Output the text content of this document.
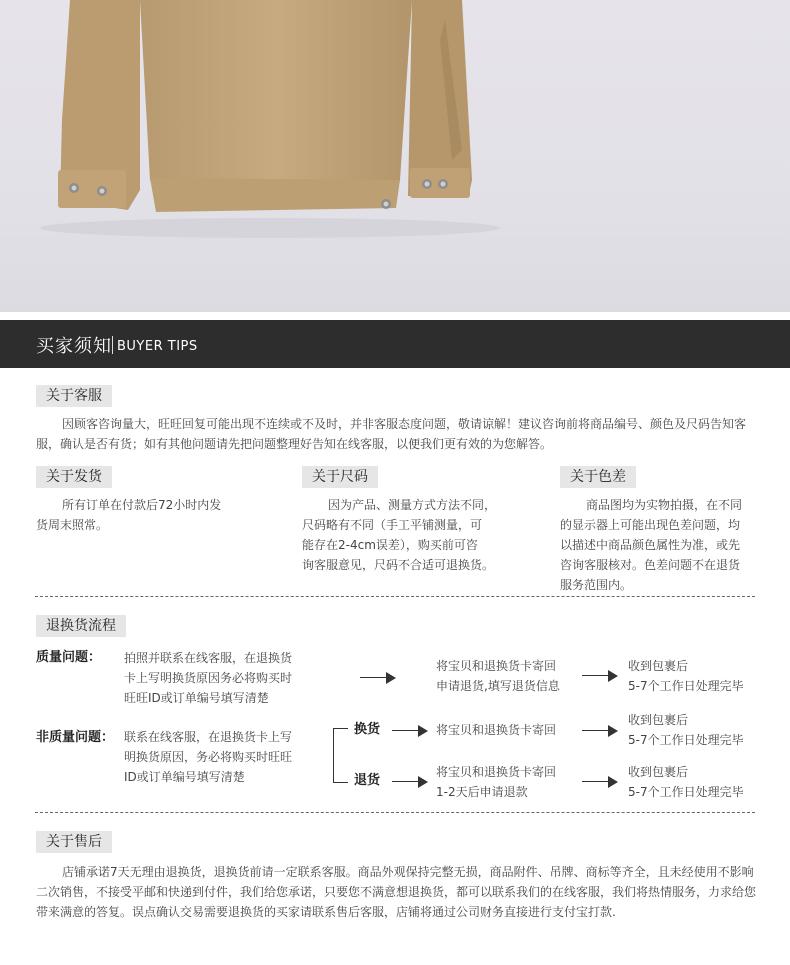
买家须知 BUYER TIPS
关于客服
因顾客咨询量大，旺旺回复可能出现不连续或不及时，并非客服态度问题，敬请谅解！建议咨询前将商品编号、颜色及尺码告知客服，确认是否有货；如有其他问题请先把问题整理好告知在线客服，以便我们更有效的为您解答。
关于发货
所有订单在付款后72小时内发
货周末照常。
关于尺码
因为产品、测量方式方法不同，
尺码略有不同（手工平铺测量，可
能存在2-4cm误差），购买前可咨
询客服意见，尺码不合适可退换货。
关于色差
商品图均为实物拍摄，在不同
的显示器上可能出现色差问题，均
以描述中商品颜色属性为准，或先
咨询客服核对。色差问题不在退货
服务范围内。
退换货流程
质量问题： 拍照并联系在线客服，在退换货
卡上写明换货原因务必将购买时
旺旺ID或订单编号填写清楚
将宝贝和退换货卡寄回
申请退货,填写退货信息
收到包裹后
5-7个工作日处理完毕
非质量问题： 联系在线客服，在退换货卡上写
明换货原因，务必将购买时旺旺
ID或订单编号填写清楚
换货	将宝贝和退换货卡寄回
收到包裹后
5-7个工作日处理完毕
退货
将宝贝和退换货卡寄回
1-2天后申请退款
收到包裹后
5-7个工作日处理完毕
关于售后
店铺承诺7天无理由退换货，退换货前请一定联系客服。商品外观保持完整无损，商品附件、吊牌、商标等齐全，且未经使用不影响二次销售，不接受平邮和快递到付件，我们给您承诺，只要您不满意想退换货，都可以联系我们的在线客服，我们将热情服务，力求给您带来满意的答复。误点确认交易需要退换货的买家请联系售后客服，店铺将通过公司财务直接进行支付宝打款.
